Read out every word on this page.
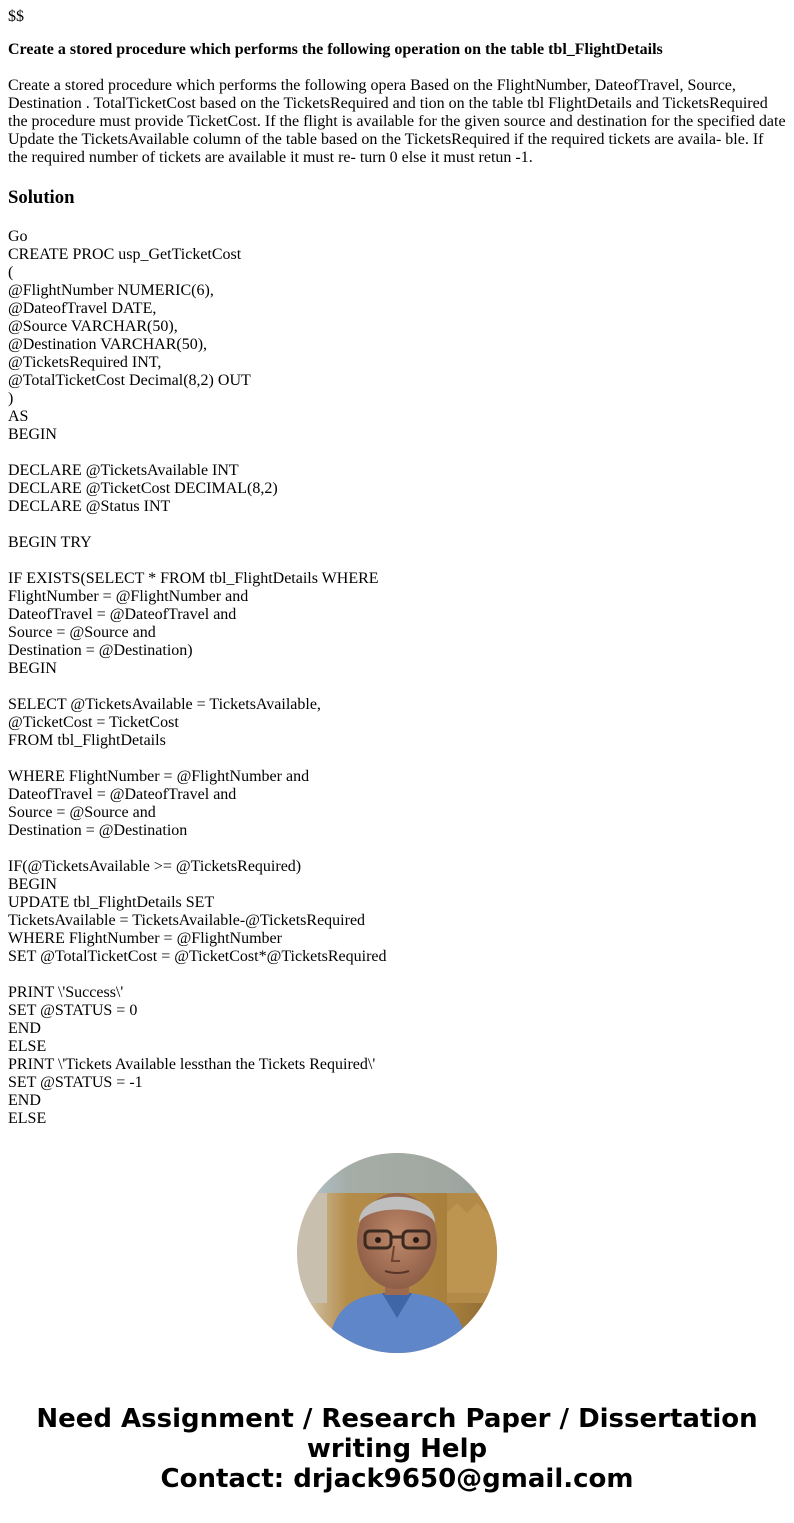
$$

Create a stored procedure which performs the following operation on the table tbl_FlightDetails

Create a stored procedure which performs the following opera Based on the FlightNumber, DateofTravel, Source, Destination . TotalTicketCost based on the TicketsRequired and tion on the table tbl FlightDetails and TicketsRequired the procedure must provide TicketCost. If the flight is available for the given source and destination for the specified date Update the TicketsAvailable column of the table based on the TicketsRequired if the required tickets are availa- ble. If the required number of tickets are available it must re- turn 0 else it must retun -1.

Solution
Go
CREATE PROC usp_GetTicketCost
(
@FlightNumber NUMERIC(6),
@DateofTravel DATE,
@Source VARCHAR(50),
@Destination VARCHAR(50),
@TicketsRequired INT,
@TotalTicketCost Decimal(8,2) OUT
)
AS
BEGIN
DECLARE @TicketsAvailable INT
DECLARE @TicketCost DECIMAL(8,2)
DECLARE @Status INT
BEGIN TRY
IF EXISTS(SELECT * FROM tbl_FlightDetails WHERE
FlightNumber = @FlightNumber and
DateofTravel = @DateofTravel and
Source = @Source and
Destination = @Destination)
BEGIN
SELECT @TicketsAvailable = TicketsAvailable,
@TicketCost = TicketCost
FROM tbl_FlightDetails
WHERE FlightNumber = @FlightNumber and
DateofTravel = @DateofTravel and
Source = @Source and
Destination = @Destination
IF(@TicketsAvailable >= @TicketsRequired)
BEGIN
UPDATE tbl_FlightDetails SET
TicketsAvailable = TicketsAvailable-@TicketsRequired
WHERE FlightNumber = @FlightNumber
SET @TotalTicketCost = @TicketCost*@TicketsRequired
PRINT \'Success\'
SET @STATUS = 0
END
ELSE
PRINT \'Tickets Available lessthan the Tickets Required\'
SET @STATUS = -1
END
ELSE
Need Assignment / Research Paper / Dissertation
writing Help
Contact: drjack9650@gmail.com
